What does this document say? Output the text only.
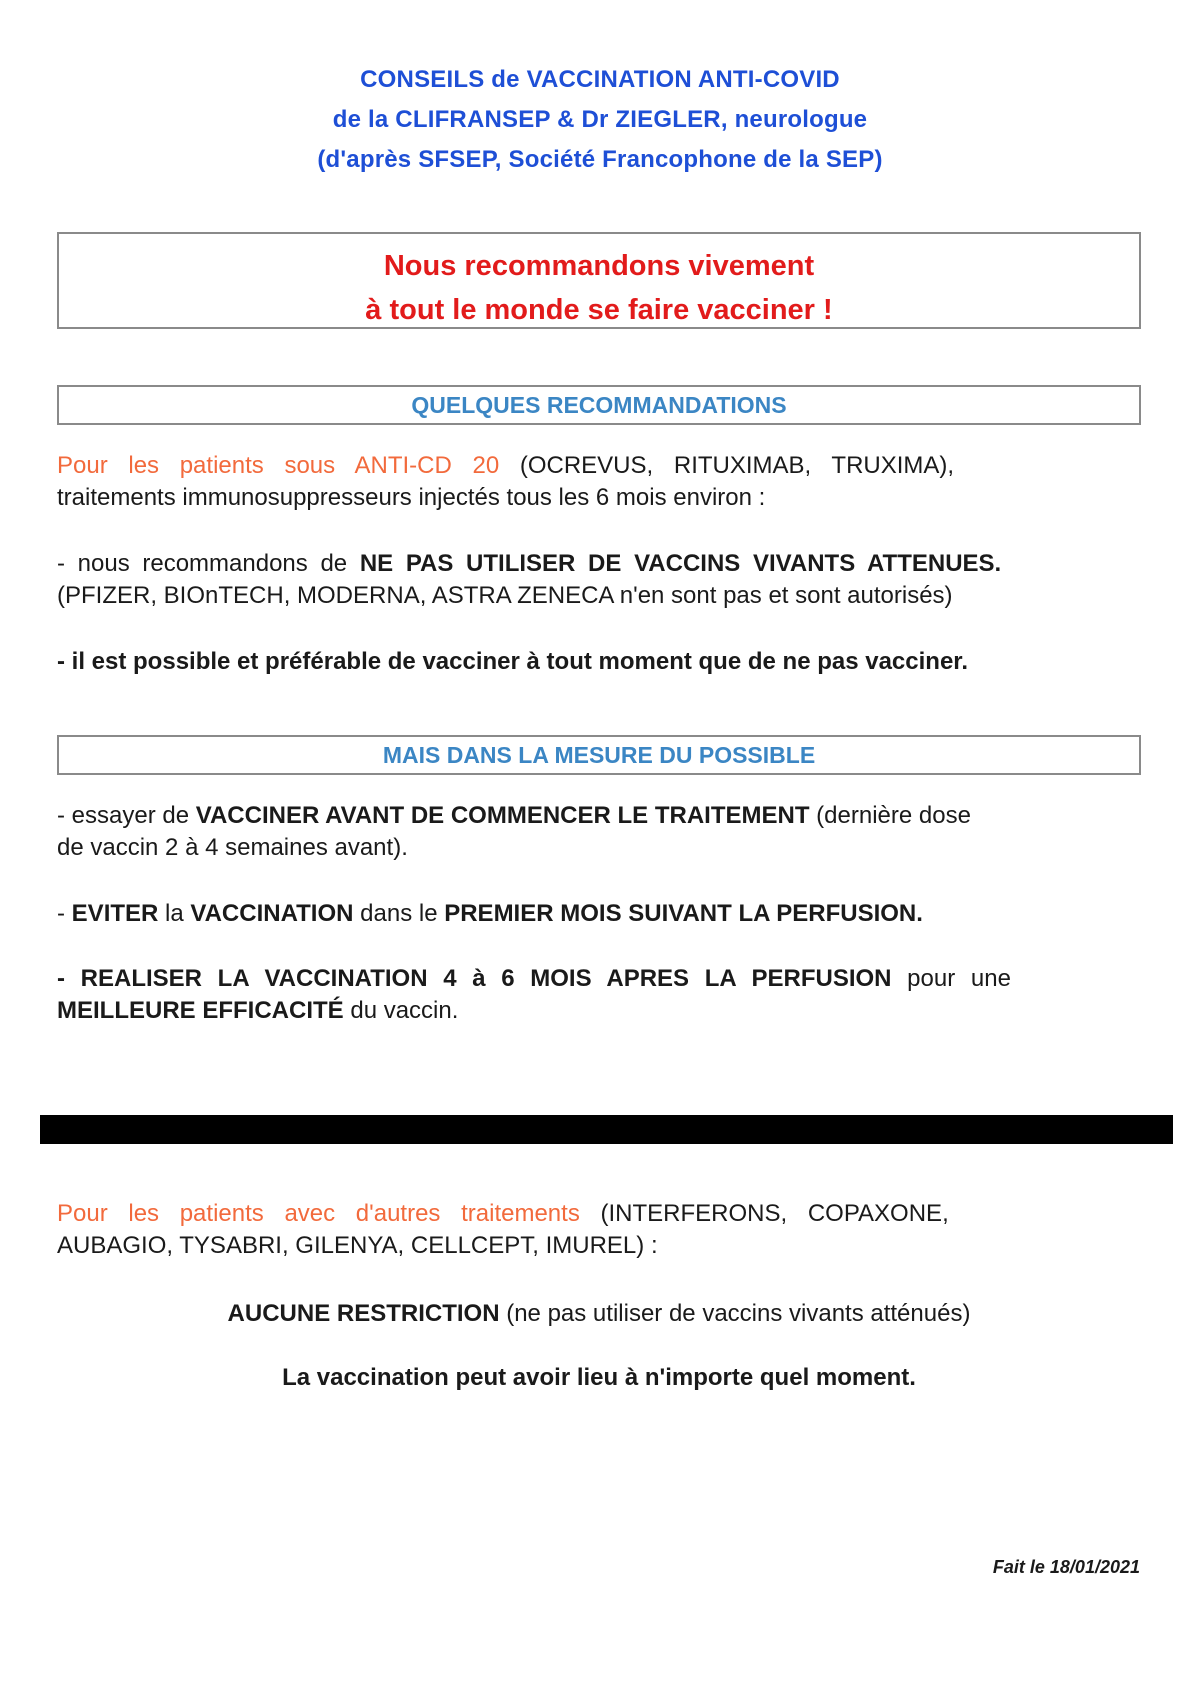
CONSEILS de VACCINATION ANTI-COVID
de la CLIFRANSEP & Dr ZIEGLER, neurologue
(d'après SFSEP, Société Francophone de la SEP)
Nous recommandons vivement
à tout le monde se faire vacciner !
QUELQUES RECOMMANDATIONS
Pour les patients sous ANTI-CD 20 (OCREVUS, RITUXIMAB, TRUXIMA),
traitements immunosuppresseurs injectés tous les 6 mois environ :
- nous recommandons de NE PAS UTILISER DE VACCINS VIVANTS ATTENUES.
(PFIZER, BIOnTECH, MODERNA, ASTRA ZENECA n'en sont pas et sont autorisés)
- il est possible et préférable de vacciner à tout moment que de ne pas vacciner.
MAIS DANS LA MESURE DU POSSIBLE
- essayer de VACCINER AVANT DE COMMENCER LE TRAITEMENT (dernière dose
de vaccin 2 à 4 semaines avant).
- EVITER la VACCINATION dans le PREMIER MOIS SUIVANT LA PERFUSION.
- REALISER LA VACCINATION 4 à 6 MOIS APRES LA PERFUSION pour une
MEILLEURE EFFICACITÉ du vaccin.
Pour les patients avec d'autres traitements (INTERFERONS, COPAXONE,
AUBAGIO, TYSABRI, GILENYA, CELLCEPT, IMUREL) :
AUCUNE RESTRICTION (ne pas utiliser de vaccins vivants atténués)
La vaccination peut avoir lieu à n'importe quel moment.
Fait le 18/01/2021
